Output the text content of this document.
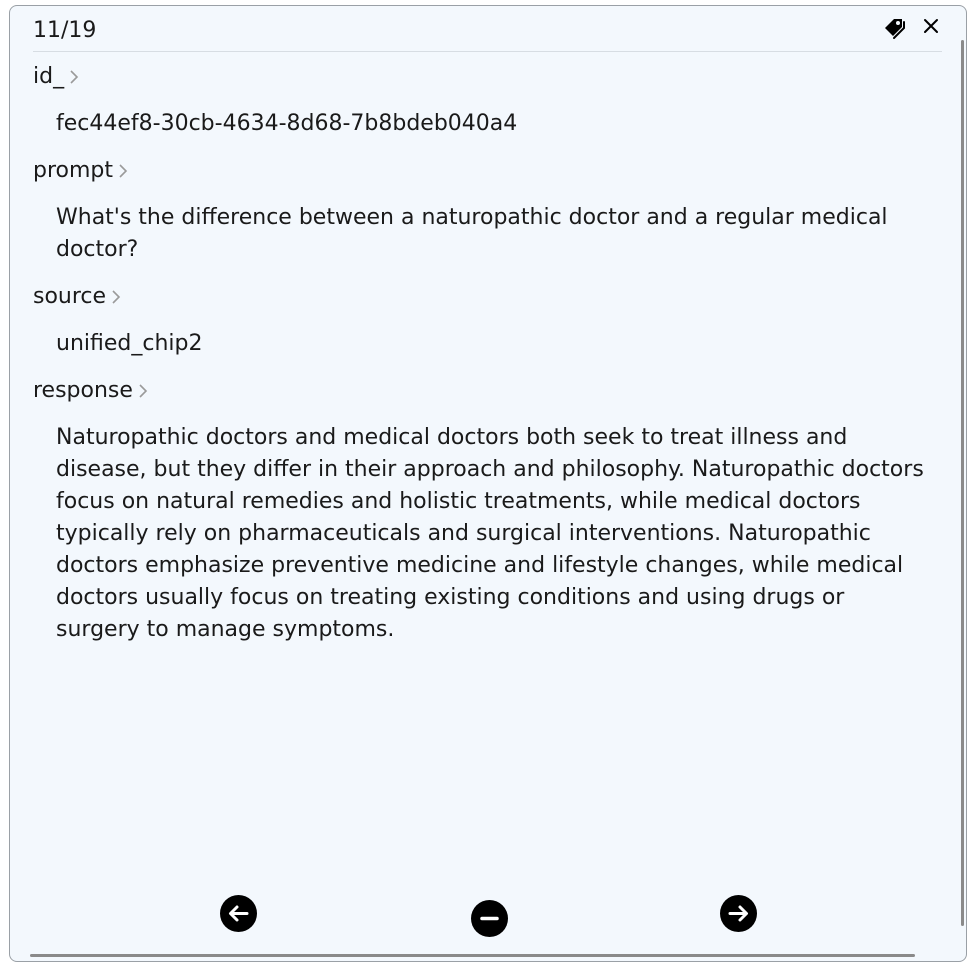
11/19
id_
fec44ef8-30cb-4634-8d68-7b8bdeb040a4
prompt
What's the difference between a naturopathic doctor and a regular medical doctor?
source
unified_chip2
response
Naturopathic doctors and medical doctors both seek to treat illness and disease, but they differ in their approach and philosophy. Naturopathic doctors focus on natural remedies and holistic treatments, while medical doctors typically rely on pharmaceuticals and surgical interventions. Naturopathic doctors emphasize preventive medicine and lifestyle changes, while medical doctors usually focus on treating existing conditions and using drugs or surgery to manage symptoms.
